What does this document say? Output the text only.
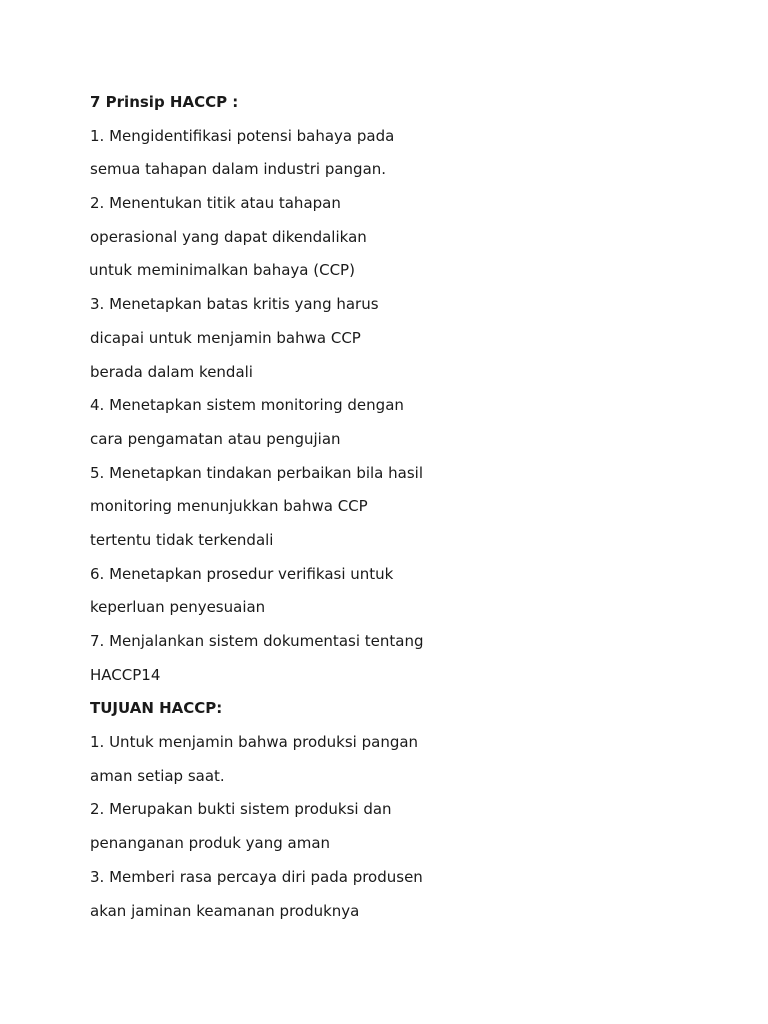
7 Prinsip HACCP :
1. Mengidentifikasi potensi bahaya pada
semua tahapan dalam industri pangan.
2. Menentukan titik atau tahapan
operasional yang dapat dikendalikan
untuk meminimalkan bahaya (CCP)
3. Menetapkan batas kritis yang harus
dicapai untuk menjamin bahwa CCP
berada dalam kendali
4. Menetapkan sistem monitoring dengan
cara pengamatan atau pengujian
5. Menetapkan tindakan perbaikan bila hasil
monitoring menunjukkan bahwa CCP
tertentu tidak terkendali
6. Menetapkan prosedur verifikasi untuk
keperluan penyesuaian
7. Menjalankan sistem dokumentasi tentang
HACCP14
TUJUAN HACCP:
1. Untuk menjamin bahwa produksi pangan
aman setiap saat.
2. Merupakan bukti sistem produksi dan
penanganan produk yang aman
3. Memberi rasa percaya diri pada produsen
akan jaminan keamanan produknya
